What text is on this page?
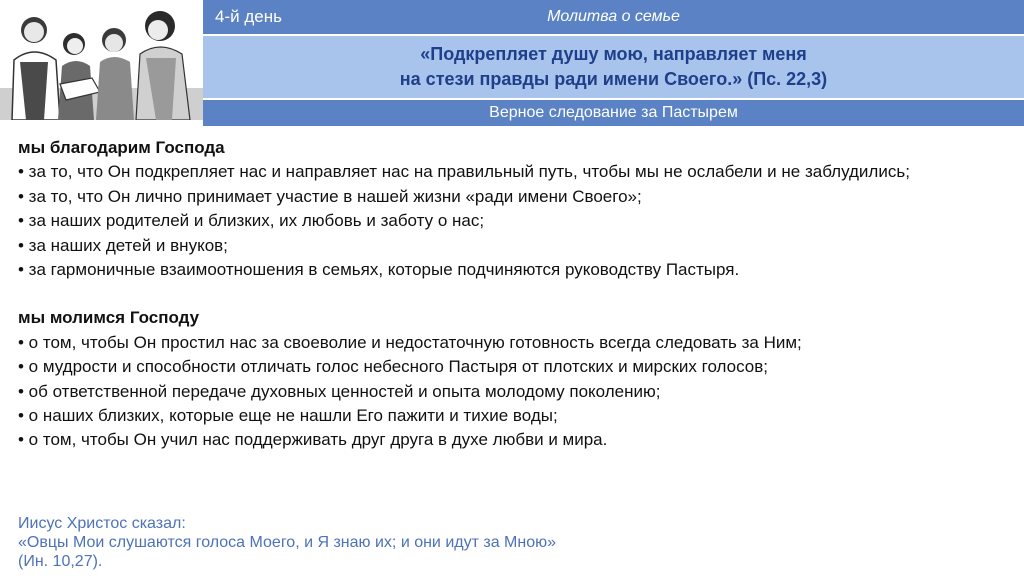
4-й день	Молитва о семье
«Подкрепляет душу мою, направляет меня
на стези правды ради имени Своего.» (Пс. 22,3)
Верное следование за Пастырем
мы благодарим Господа
• за то, что Он подкрепляет нас и направляет нас на правильный путь, чтобы мы не ослабели и не заблудились;
• за то, что Он лично принимает участие в нашей жизни «ради имени Своего»;
• за наших родителей и близких, их любовь и заботу о нас;
• за наших детей и внуков;
• за гармоничные взаимоотношения в семьях, которые подчиняются руководству Пастыря.
мы молимся Господу
• о том, чтобы Он простил нас за своеволие и недостаточную готовность всегда следовать за Ним;
• о мудрости и способности отличать голос небесного Пастыря от плотских и мирских голосов;
• об ответственной передаче духовных ценностей и опыта молодому поколению;
• о наших близких, которые еще не нашли Его пажити и тихие воды;
• о том, чтобы Он учил нас поддерживать друг друга в духе любви и мира.
Иисус Христос сказал:
«Овцы Мои слушаются голоса Моего, и Я знаю их; и они идут за Мною»
(Ин. 10,27).
